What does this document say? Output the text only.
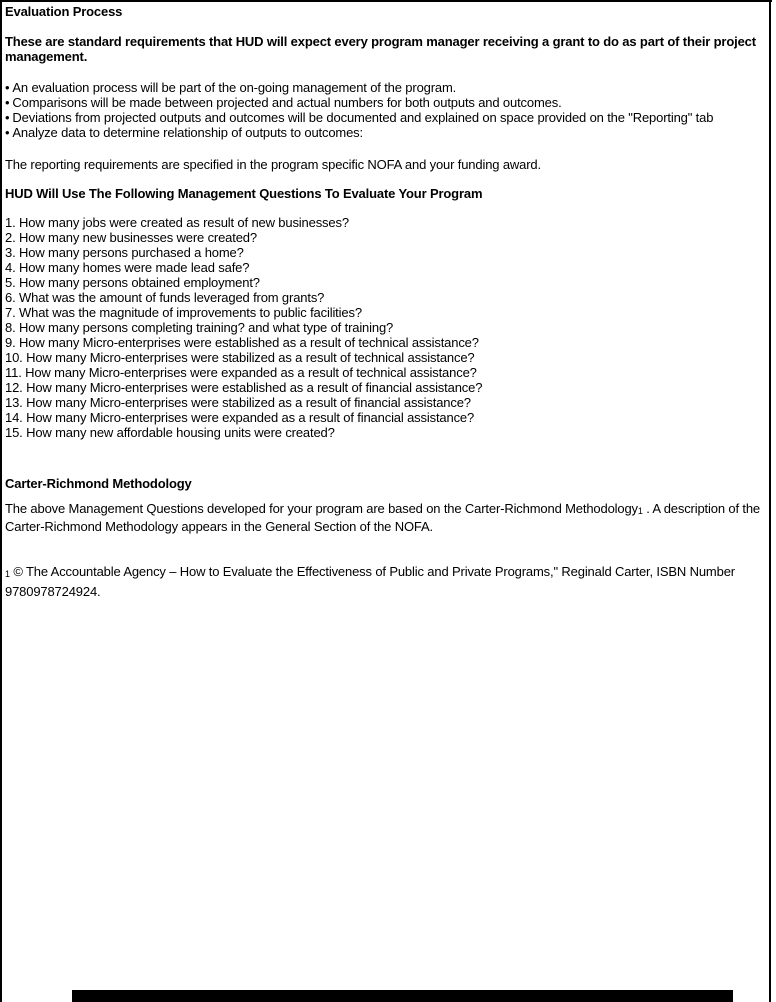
Evaluation Process

These are standard requirements that HUD will expect every program manager receiving a grant to do as part of their project management.

• An evaluation process will be part of the on-going management of the program.
• Comparisons will be made between projected and actual numbers for both outputs and outcomes.
• Deviations from projected outputs and outcomes will be documented and explained on space provided on the "Reporting" tab
• Analyze data to determine relationship of outputs to outcomes:

The reporting requirements are specified in the program specific NOFA and your funding award.

HUD Will Use The Following Management Questions To Evaluate Your Program

1. How many jobs were created as result of new businesses?
2. How many new businesses were created?
3. How many persons purchased a home?
4. How many homes were made lead safe?
5. How many persons obtained employment?
6. What was the amount of funds leveraged from grants?
7. What was the magnitude of improvements to public facilities?
8. How many persons completing training? and what type of training?
9. How many Micro-enterprises were established as a result of technical assistance?
10. How many Micro-enterprises were stabilized as a result of technical assistance?
11. How many Micro-enterprises were expanded as a result of technical assistance?
12. How many Micro-enterprises were established as a result of financial assistance?
13. How many Micro-enterprises were stabilized as a result of financial assistance?
14. How many Micro-enterprises were expanded as a result of financial assistance?
15. How many new affordable housing units were created?

Carter-Richmond Methodology

The above Management Questions developed for your program are based on the Carter-Richmond Methodology1 . A description of the Carter-Richmond Methodology appears in the General Section of the NOFA.

1 © The Accountable Agency – How to Evaluate the Effectiveness of Public and Private Programs," Reginald Carter, ISBN Number 9780978724924.
